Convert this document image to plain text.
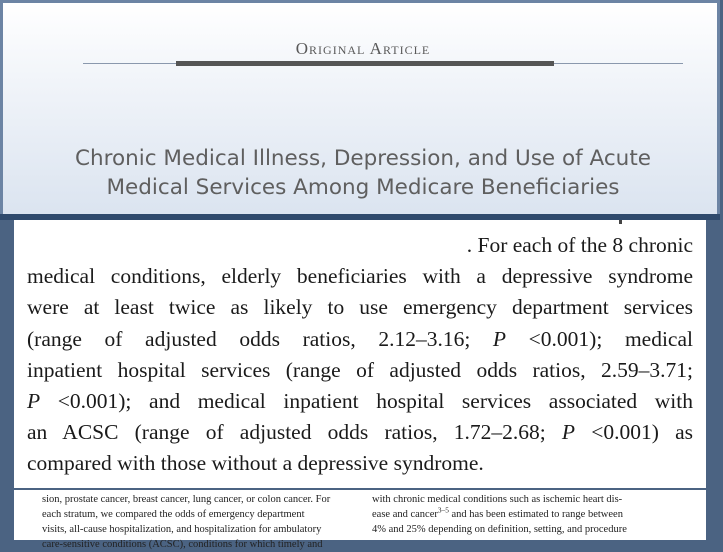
Original Article
Chronic Medical Illness, Depression, and Use of Acute
Medical Services Among Medicare Beneficiaries
. For each of the 8 chronic
medical conditions, elderly beneficiaries with a depressive syndrome
were at least twice as likely to use emergency department services
(range of adjusted odds ratios, 2.12–3.16; P <0.001); medical
inpatient hospital services (range of adjusted odds ratios, 2.59–3.71;
P <0.001); and medical inpatient hospital services associated with
an ACSC (range of adjusted odds ratios, 1.72–2.68; P <0.001) as
compared with those without a depressive syndrome.
sion, prostate cancer, breast cancer, lung cancer, or colon cancer. For
each stratum, we compared the odds of emergency department
visits, all-cause hospitalization, and hospitalization for ambulatory
care-sensitive conditions (ACSC), conditions for which timely and
with chronic medical conditions such as ischemic heart dis-
ease and cancer$^{3-5}$ and has been estimated to range between
4% and 25% depending on definition, setting, and procedure
